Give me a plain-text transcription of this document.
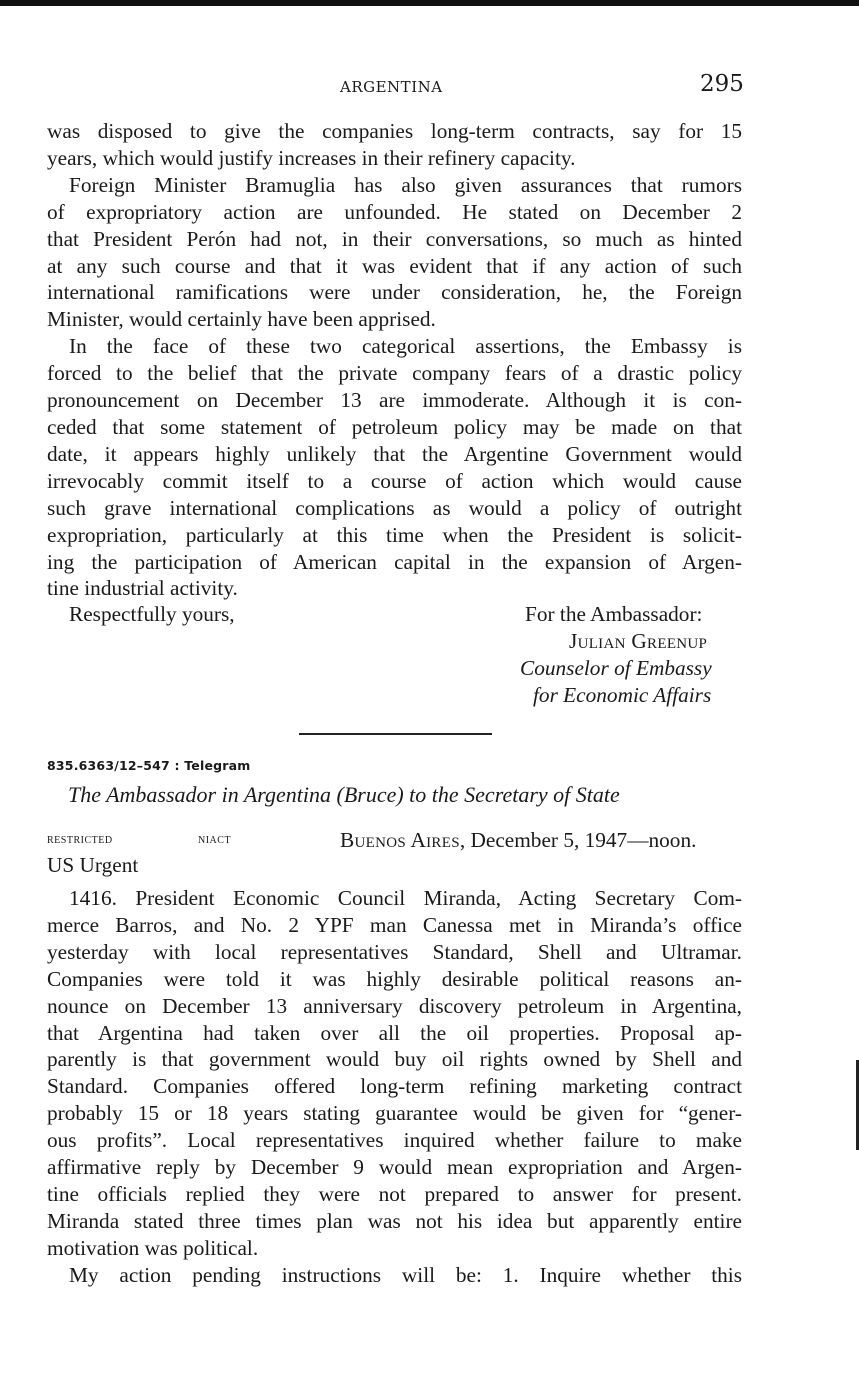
ARGENTINA	295
was disposed to give the companies long-term contracts, say for 15
years, which would justify increases in their refinery capacity.
Foreign Minister Bramuglia has also given assurances that rumors
of expropriatory action are unfounded. He stated on December 2
that President Perón had not, in their conversations, so much as hinted
at any such course and that it was evident that if any action of such
international ramifications were under consideration, he, the Foreign
Minister, would certainly have been apprised.
In the face of these two categorical assertions, the Embassy is
forced to the belief that the private company fears of a drastic policy
pronouncement on December 13 are immoderate. Although it is con-
ceded that some statement of petroleum policy may be made on that
date, it appears highly unlikely that the Argentine Government would
irrevocably commit itself to a course of action which would cause
such grave international complications as would a policy of outright
expropriation, particularly at this time when the President is solicit-
ing the participation of American capital in the expansion of Argen-
tine industrial activity.
Respectfully yours,	For the Ambassador:
Julian Greenup
Counselor of Embassy
for Economic Affairs
835.6363/12–547 : Telegram
The Ambassador in Argentina (Bruce) to the Secretary of State
restricted	niact	Buenos Aires, December 5, 1947—noon.
US Urgent
1416. President Economic Council Miranda, Acting Secretary Com-
merce Barros, and No. 2 YPF man Canessa met in Miranda’s office
yesterday with local representatives Standard, Shell and Ultramar.
Companies were told it was highly desirable political reasons an-
nounce on December 13 anniversary discovery petroleum in Argentina,
that Argentina had taken over all the oil properties. Proposal ap-
parently is that government would buy oil rights owned by Shell and
Standard. Companies offered long-term refining marketing contract
probably 15 or 18 years stating guarantee would be given for “gener-
ous profits”. Local representatives inquired whether failure to make
affirmative reply by December 9 would mean expropriation and Argen-
tine officials replied they were not prepared to answer for present.
Miranda stated three times plan was not his idea but apparently entire
motivation was political.
My action pending instructions will be: 1. Inquire whether this
